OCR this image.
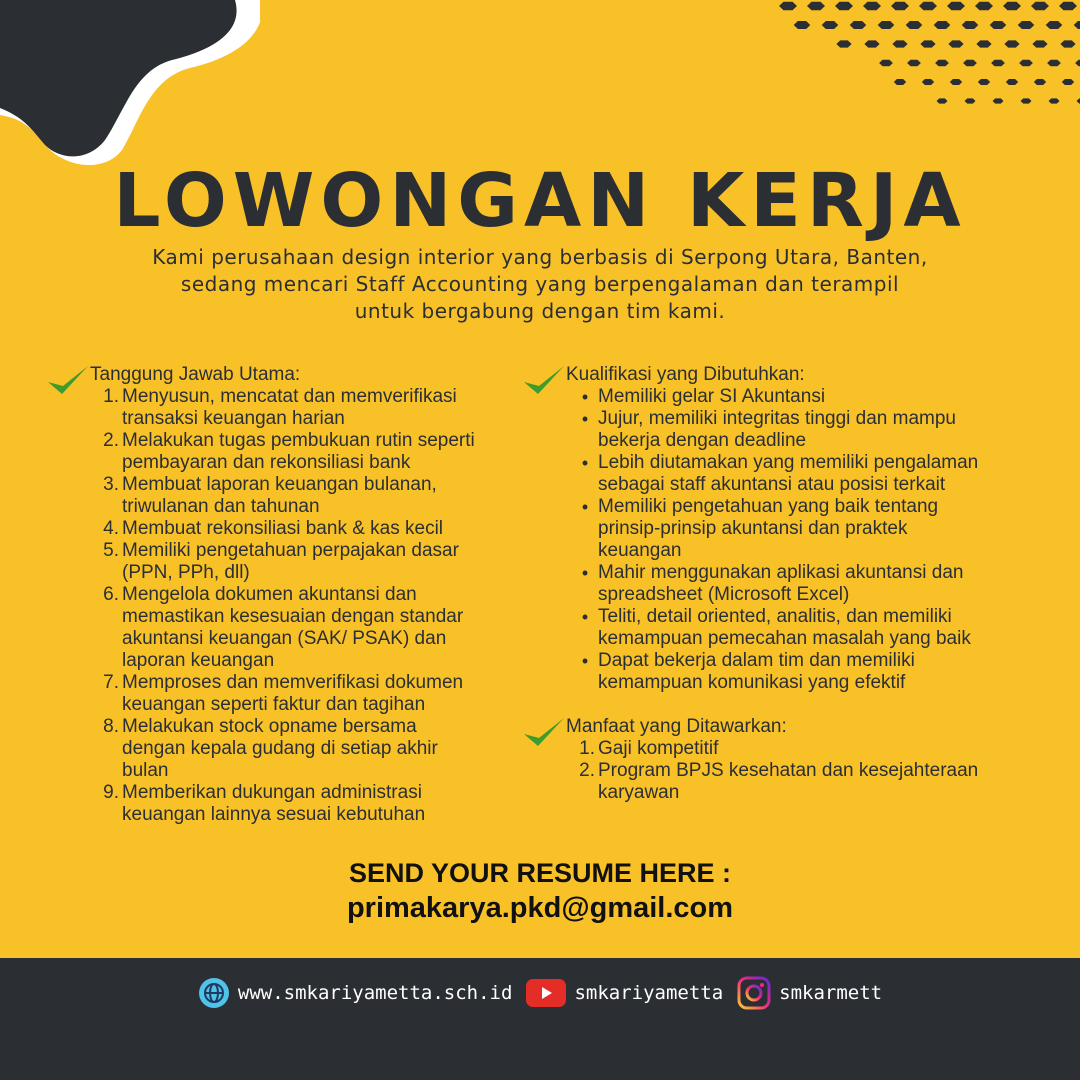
LOWONGAN KERJA
Kami perusahaan design interior yang berbasis di Serpong Utara, Banten,
sedang mencari Staff Accounting yang berpengalaman dan terampil
untuk bergabung dengan tim kami.
Tanggung Jawab Utama:
1. Menyusun, mencatat dan memverifikasi
transaksi keuangan harian
2. Melakukan tugas pembukuan rutin seperti
pembayaran dan rekonsiliasi bank
3. Membuat laporan keuangan bulanan,
triwulanan dan tahunan
4. Membuat rekonsiliasi bank & kas kecil
5. Memiliki pengetahuan perpajakan dasar
(PPN, PPh, dll)
6. Mengelola dokumen akuntansi dan
memastikan kesesuaian dengan standar
akuntansi keuangan (SAK/ PSAK) dan
laporan keuangan
7. Memproses dan memverifikasi dokumen
keuangan seperti faktur dan tagihan
8. Melakukan stock opname bersama
dengan kepala gudang di setiap akhir
bulan
9. Memberikan dukungan administrasi
keuangan lainnya sesuai kebutuhan
Kualifikasi yang Dibutuhkan:
• Memiliki gelar SI Akuntansi
• Jujur, memiliki integritas tinggi dan mampu
bekerja dengan deadline
• Lebih diutamakan yang memiliki pengalaman
sebagai staff akuntansi atau posisi terkait
• Memiliki pengetahuan yang baik tentang
prinsip-prinsip akuntansi dan praktek
keuangan
• Mahir menggunakan aplikasi akuntansi dan
spreadsheet (Microsoft Excel)
• Teliti, detail oriented, analitis, dan memiliki
kemampuan pemecahan masalah yang baik
• Dapat bekerja dalam tim dan memiliki
kemampuan komunikasi yang efektif
Manfaat yang Ditawarkan:
1. Gaji kompetitif
2. Program BPJS kesehatan dan kesejahteraan
karyawan
SEND YOUR RESUME HERE :
primakarya.pkd@gmail.com
www.smkariyametta.sch.id	smkariyametta	smkarmett
